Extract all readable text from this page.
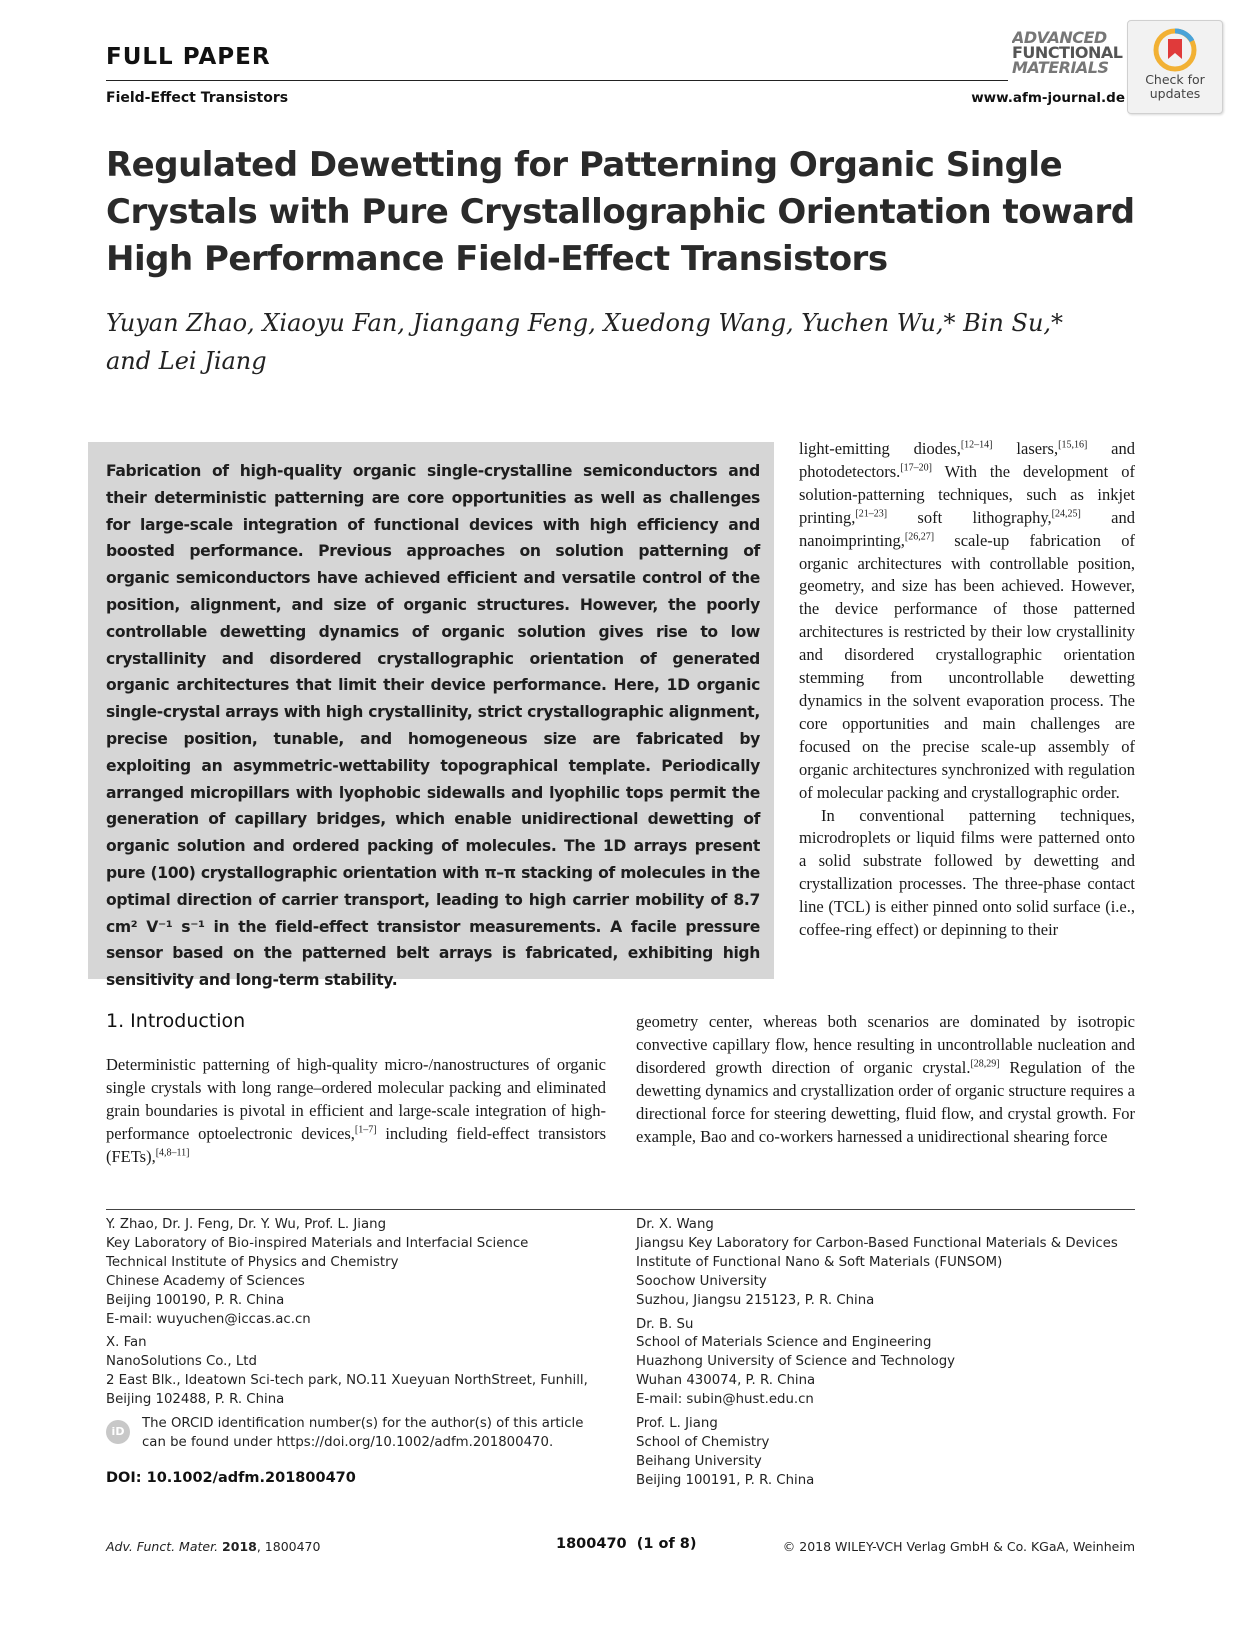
FULL PAPER
Field-Effect Transistors	www.afm-journal.de
ADVANCED
FUNCTIONAL
MATERIALS
Check for
updates
Regulated Dewetting for Patterning Organic Single Crystals with Pure Crystallographic Orientation toward High Performance Field-Effect Transistors
Yuyan Zhao, Xiaoyu Fan, Jiangang Feng, Xuedong Wang, Yuchen Wu,* Bin Su,*
and Lei Jiang
Fabrication of high-quality organic single-crystalline semiconductors and their deterministic patterning are core opportunities as well as challenges for large-scale integration of functional devices with high efficiency and boosted performance. Previous approaches on solution patterning of organic semiconductors have achieved efficient and versatile control of the position, alignment, and size of organic structures. However, the poorly controllable dewetting dynamics of organic solution gives rise to low crystallinity and disordered crystallographic orientation of generated organic architectures that limit their device performance. Here, 1D organic single-crystal arrays with high crystallinity, strict crystallographic alignment, precise position, tunable, and homogeneous size are fabricated by exploiting an asymmetric-wettability topographical template. Periodically arranged micropillars with lyophobic sidewalls and lyophilic tops permit the generation of capillary bridges, which enable unidirectional dewetting of organic solution and ordered packing of molecules. The 1D arrays present pure (100) crystallographic orientation with π–π stacking of molecules in the optimal direction of carrier transport, leading to high carrier mobility of 8.7 cm² V⁻¹ s⁻¹ in the field-effect transistor measurements. A facile pressure sensor based on the patterned belt arrays is fabricated, exhibiting high sensitivity and long-term stability.

light-emitting diodes,[12–14] lasers,[15,16] and photodetectors.[17–20] With the development of solution-patterning techniques, such as inkjet printing,[21–23] soft lithography,[24,25] and nanoimprinting,[26,27] scale-up fabrication of organic architectures with controllable position, geometry, and size has been achieved. However, the device performance of those patterned architectures is restricted by their low crystallinity and disordered crystallographic orientation stemming from uncontrollable dewetting dynamics in the solvent evaporation process. The core opportunities and main challenges are focused on the precise scale-up assembly of organic architectures synchronized with regulation of molecular packing and crystallographic order.

In conventional patterning techniques, microdroplets or liquid films were patterned onto a solid substrate followed by dewetting and crystallization processes. The three-phase contact line (TCL) is either pinned onto solid surface (i.e., coffee-ring effect) or depinning to their

1. Introduction
Deterministic patterning of high-quality micro-/nanostructures of organic single crystals with long range–ordered molecular packing and eliminated grain boundaries is pivotal in efficient and large-scale integration of high-performance optoelectronic devices,[1–7] including field-effect transistors (FETs),[4,8–11]
geometry center, whereas both scenarios are dominated by isotropic convective capillary flow, hence resulting in uncontrollable nucleation and disordered growth direction of organic crystal.[28,29] Regulation of the dewetting dynamics and crystallization order of organic structure requires a directional force for steering dewetting, fluid flow, and crystal growth. For example, Bao and co-workers harnessed a unidirectional shearing force
Y. Zhao, Dr. J. Feng, Dr. Y. Wu, Prof. L. Jiang
Key Laboratory of Bio-inspired Materials and Interfacial Science
Technical Institute of Physics and Chemistry
Chinese Academy of Sciences
Beijing 100190, P. R. China
E-mail: wuyuchen@iccas.ac.cn
X. Fan
NanoSolutions Co., Ltd
2 East Blk., Ideatown Sci-tech park, NO.11 Xueyuan NorthStreet, Funhill,
Beijing 102488, P. R. China
iD
The ORCID identification number(s) for the author(s) of this article
can be found under https://doi.org/10.1002/adfm.201800470.
DOI: 10.1002/adfm.201800470
Dr. X. Wang
Jiangsu Key Laboratory for Carbon-Based Functional Materials & Devices
Institute of Functional Nano & Soft Materials (FUNSOM)
Soochow University
Suzhou, Jiangsu 215123, P. R. China
Dr. B. Su
School of Materials Science and Engineering
Huazhong University of Science and Technology
Wuhan 430074, P. R. China
E-mail: subin@hust.edu.cn
Prof. L. Jiang
School of Chemistry
Beihang University
Beijing 100191, P. R. China
Adv. Funct. Mater. 2018, 1800470	1800470  (1 of 8)	© 2018 WILEY-VCH Verlag GmbH & Co. KGaA, Weinheim
